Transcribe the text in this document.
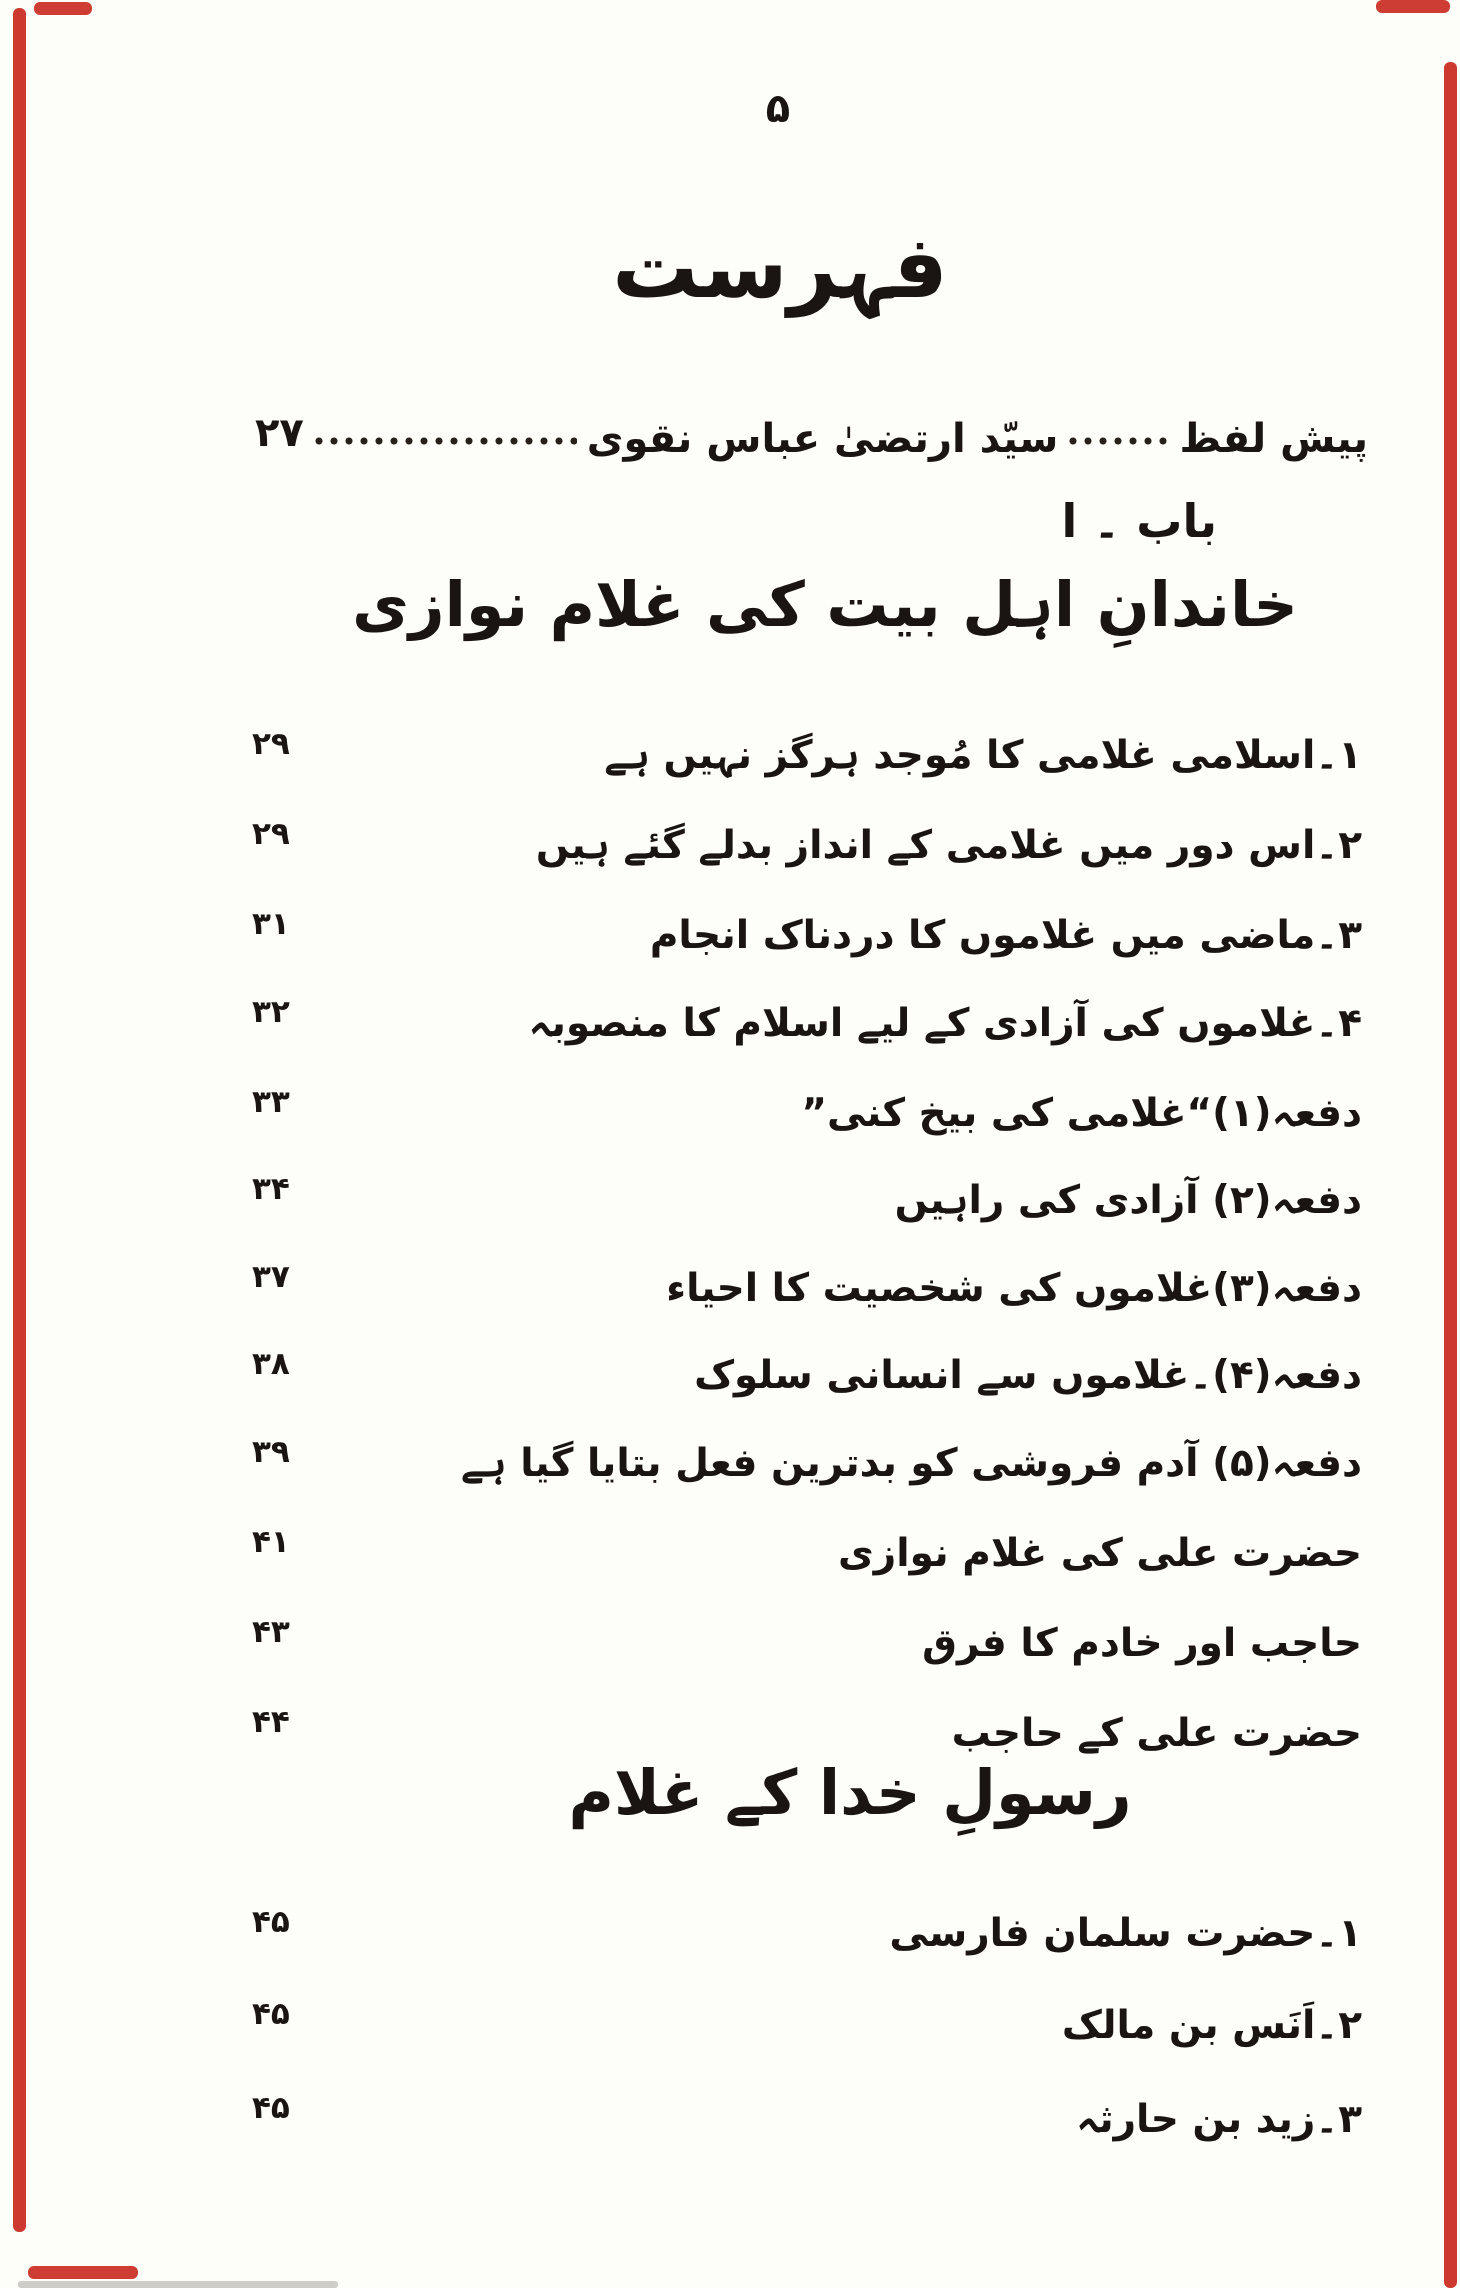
۵
فہرست
پیش لفظ
سیّد ارتضیٰ عباس نقوی
۲۷
باب ۔ ا
خاندانِ اہل بیت کی غلام نوازی
رسولِ خدا کے غلام
۱۔اسلامی غلامی کا مُوجد ہرگز نہیں ہے
۲۹
۲۔اس دور میں غلامی کے انداز بدلے گئے ہیں
۲۹
۳۔ماضی میں غلاموں کا دردناک انجام
۳۱
۴۔غلاموں کی آزادی کے لیے اسلام کا منصوبہ
۳۲
دفعہ(۱)“غلامی کی بیخ کنی”
۳۳
دفعہ(۲) آزادی کی راہیں
۳۴
دفعہ(۳)غلاموں کی شخصیت کا احیاء
۳۷
دفعہ(۴)۔غلاموں سے انسانی سلوک
۳۸
دفعہ(۵) آدم فروشی کو بدترین فعل بتایا گیا ہے
۳۹
حضرت علی کی غلام نوازی
۴۱
حاجب اور خادم کا فرق
۴۳
حضرت علی کے حاجب
۴۴
۱۔حضرت سلمان فارسی
۴۵
۲۔اَنَس بن مالک
۴۵
۳۔زید بن حارثہ
۴۵
